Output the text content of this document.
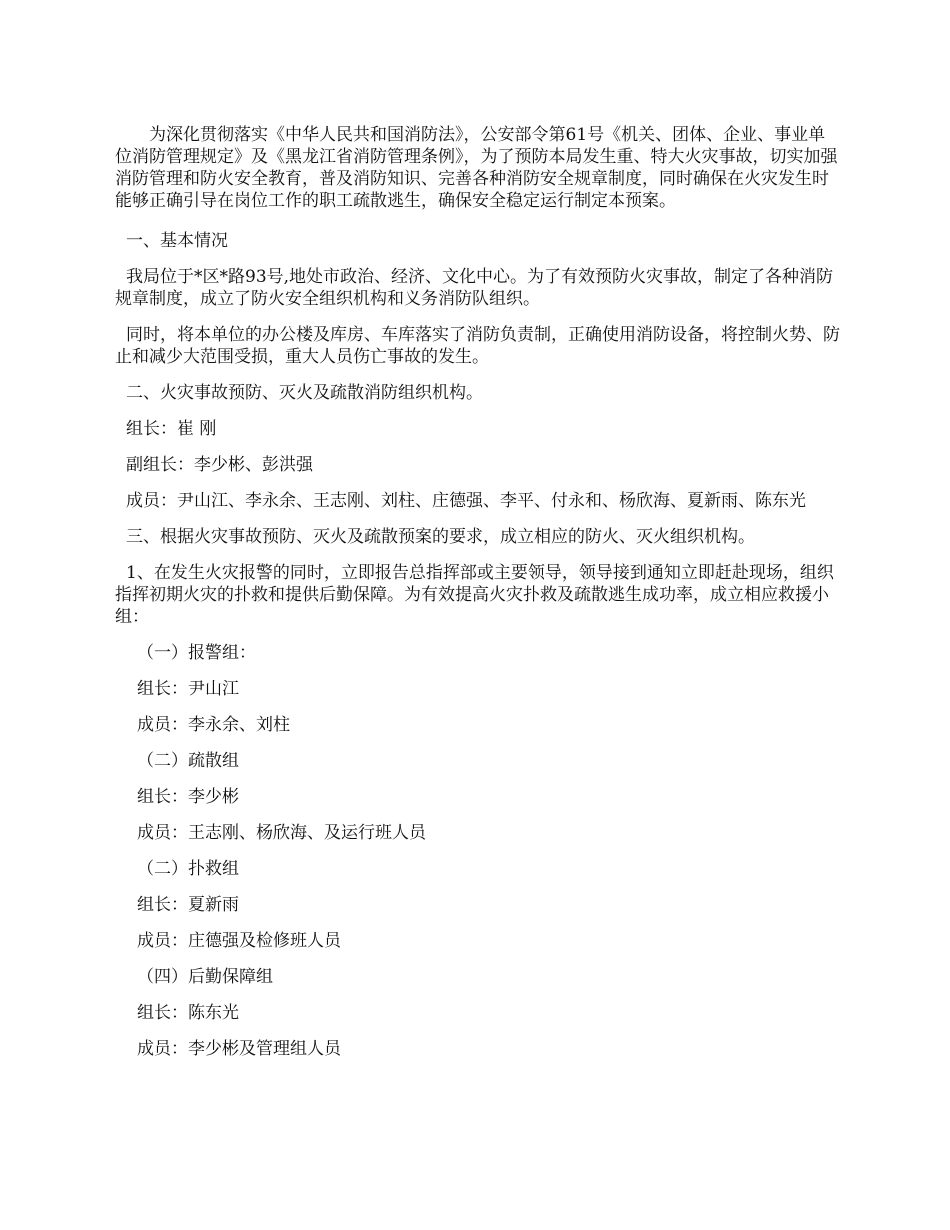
为深化贯彻落实《中华人民共和国消防法》，公安部令第61号《机关、团体、企业、事业单位消防管理规定》及《黑龙江省消防管理条例》，为了预防本局发生重、特大火灾事故，切实加强消防管理和防火安全教育，普及消防知识、完善各种消防安全规章制度，同时确保在火灾发生时能够正确引导在岗位工作的职工疏散逃生，确保安全稳定运行制定本预案。

一、基本情况

我局位于*区*路93号,地处市政治、经济、文化中心。为了有效预防火灾事故，制定了各种消防规章制度，成立了防火安全组织机构和义务消防队组织。

同时，将本单位的办公楼及库房、车库落实了消防负责制，正确使用消防设备，将控制火势、防止和减少大范围受损，重大人员伤亡事故的发生。

二、火灾事故预防、灭火及疏散消防组织机构。

组长：崔 刚

副组长：李少彬、彭洪强

成员：尹山江、李永余、王志刚、刘柱、庄德强、李平、付永和、杨欣海、夏新雨、陈东光

三、根据火灾事故预防、灭火及疏散预案的要求，成立相应的防火、灭火组织机构。

1、在发生火灾报警的同时，立即报告总指挥部或主要领导，领导接到通知立即赶赴现场，组织指挥初期火灾的扑救和提供后勤保障。为有效提高火灾扑救及疏散逃生成功率，成立相应救援小组：

（一）报警组：

组长：尹山江

成员：李永余、刘柱

（二）疏散组

组长：李少彬

成员：王志刚、杨欣海、及运行班人员

（二）扑救组

组长：夏新雨

成员：庄德强及检修班人员

（四）后勤保障组

组长：陈东光

成员：李少彬及管理组人员
